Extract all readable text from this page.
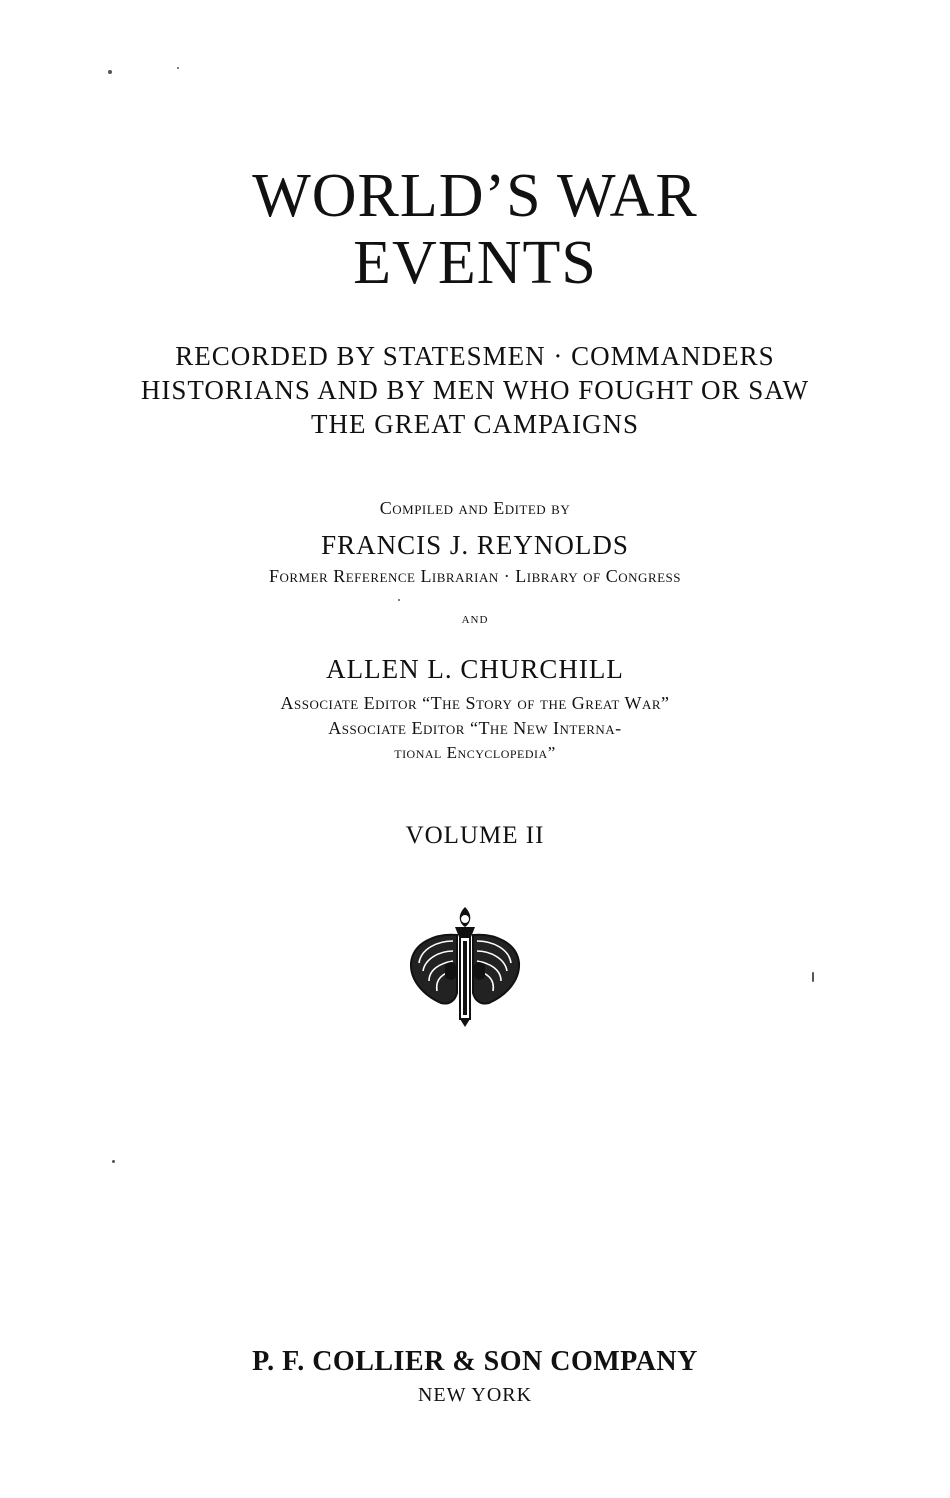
WORLD’S WAR
EVENTS
RECORDED BY STATESMEN · COMMANDERS
HISTORIANS AND BY MEN WHO FOUGHT OR SAW
THE GREAT CAMPAIGNS
Compiled and Edited by
FRANCIS J. REYNOLDS
Former Reference Librarian · Library of Congress
AND
ALLEN L. CHURCHILL
Associate Editor “The Story of the Great War”
Associate Editor “The New Interna-
tional Encyclopedia”
VOLUME II
P. F. COLLIER & SON COMPANY
NEW YORK
